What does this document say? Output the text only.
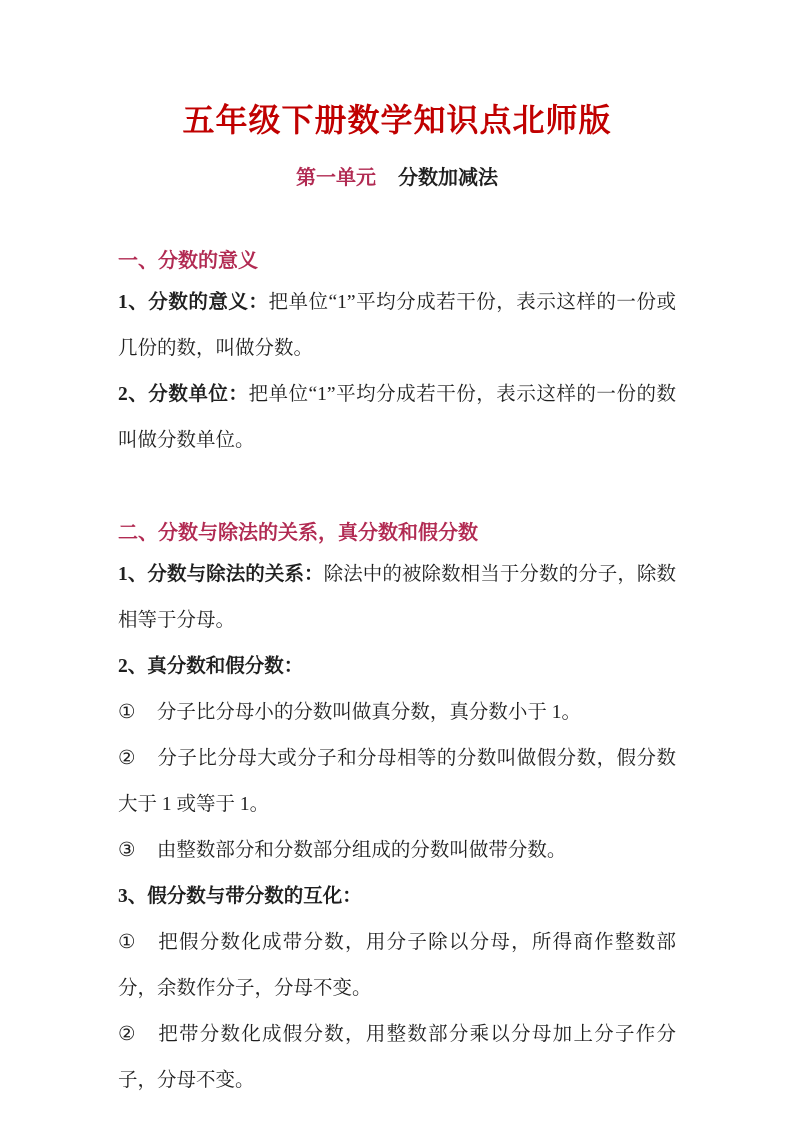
五年级下册数学知识点北师版
第一单元 分数加减法
一、分数的意义

1、分数的意义：把单位“1”平均分成若干份，表示这样的一份或几份的数，叫做分数。

2、分数单位：把单位“1”平均分成若干份，表示这样的一份的数叫做分数单位。

二、分数与除法的关系，真分数和假分数

1、分数与除法的关系：除法中的被除数相当于分数的分子，除数相等于分母。

2、真分数和假分数：

① 分子比分母小的分数叫做真分数，真分数小于 1。

② 分子比分母大或分子和分母相等的分数叫做假分数，假分数大于 1 或等于 1。

③ 由整数部分和分数部分组成的分数叫做带分数。

3、假分数与带分数的互化：

① 把假分数化成带分数，用分子除以分母，所得商作整数部分，余数作分子，分母不变。

② 把带分数化成假分数，用整数部分乘以分母加上分子作分子，分母不变。
